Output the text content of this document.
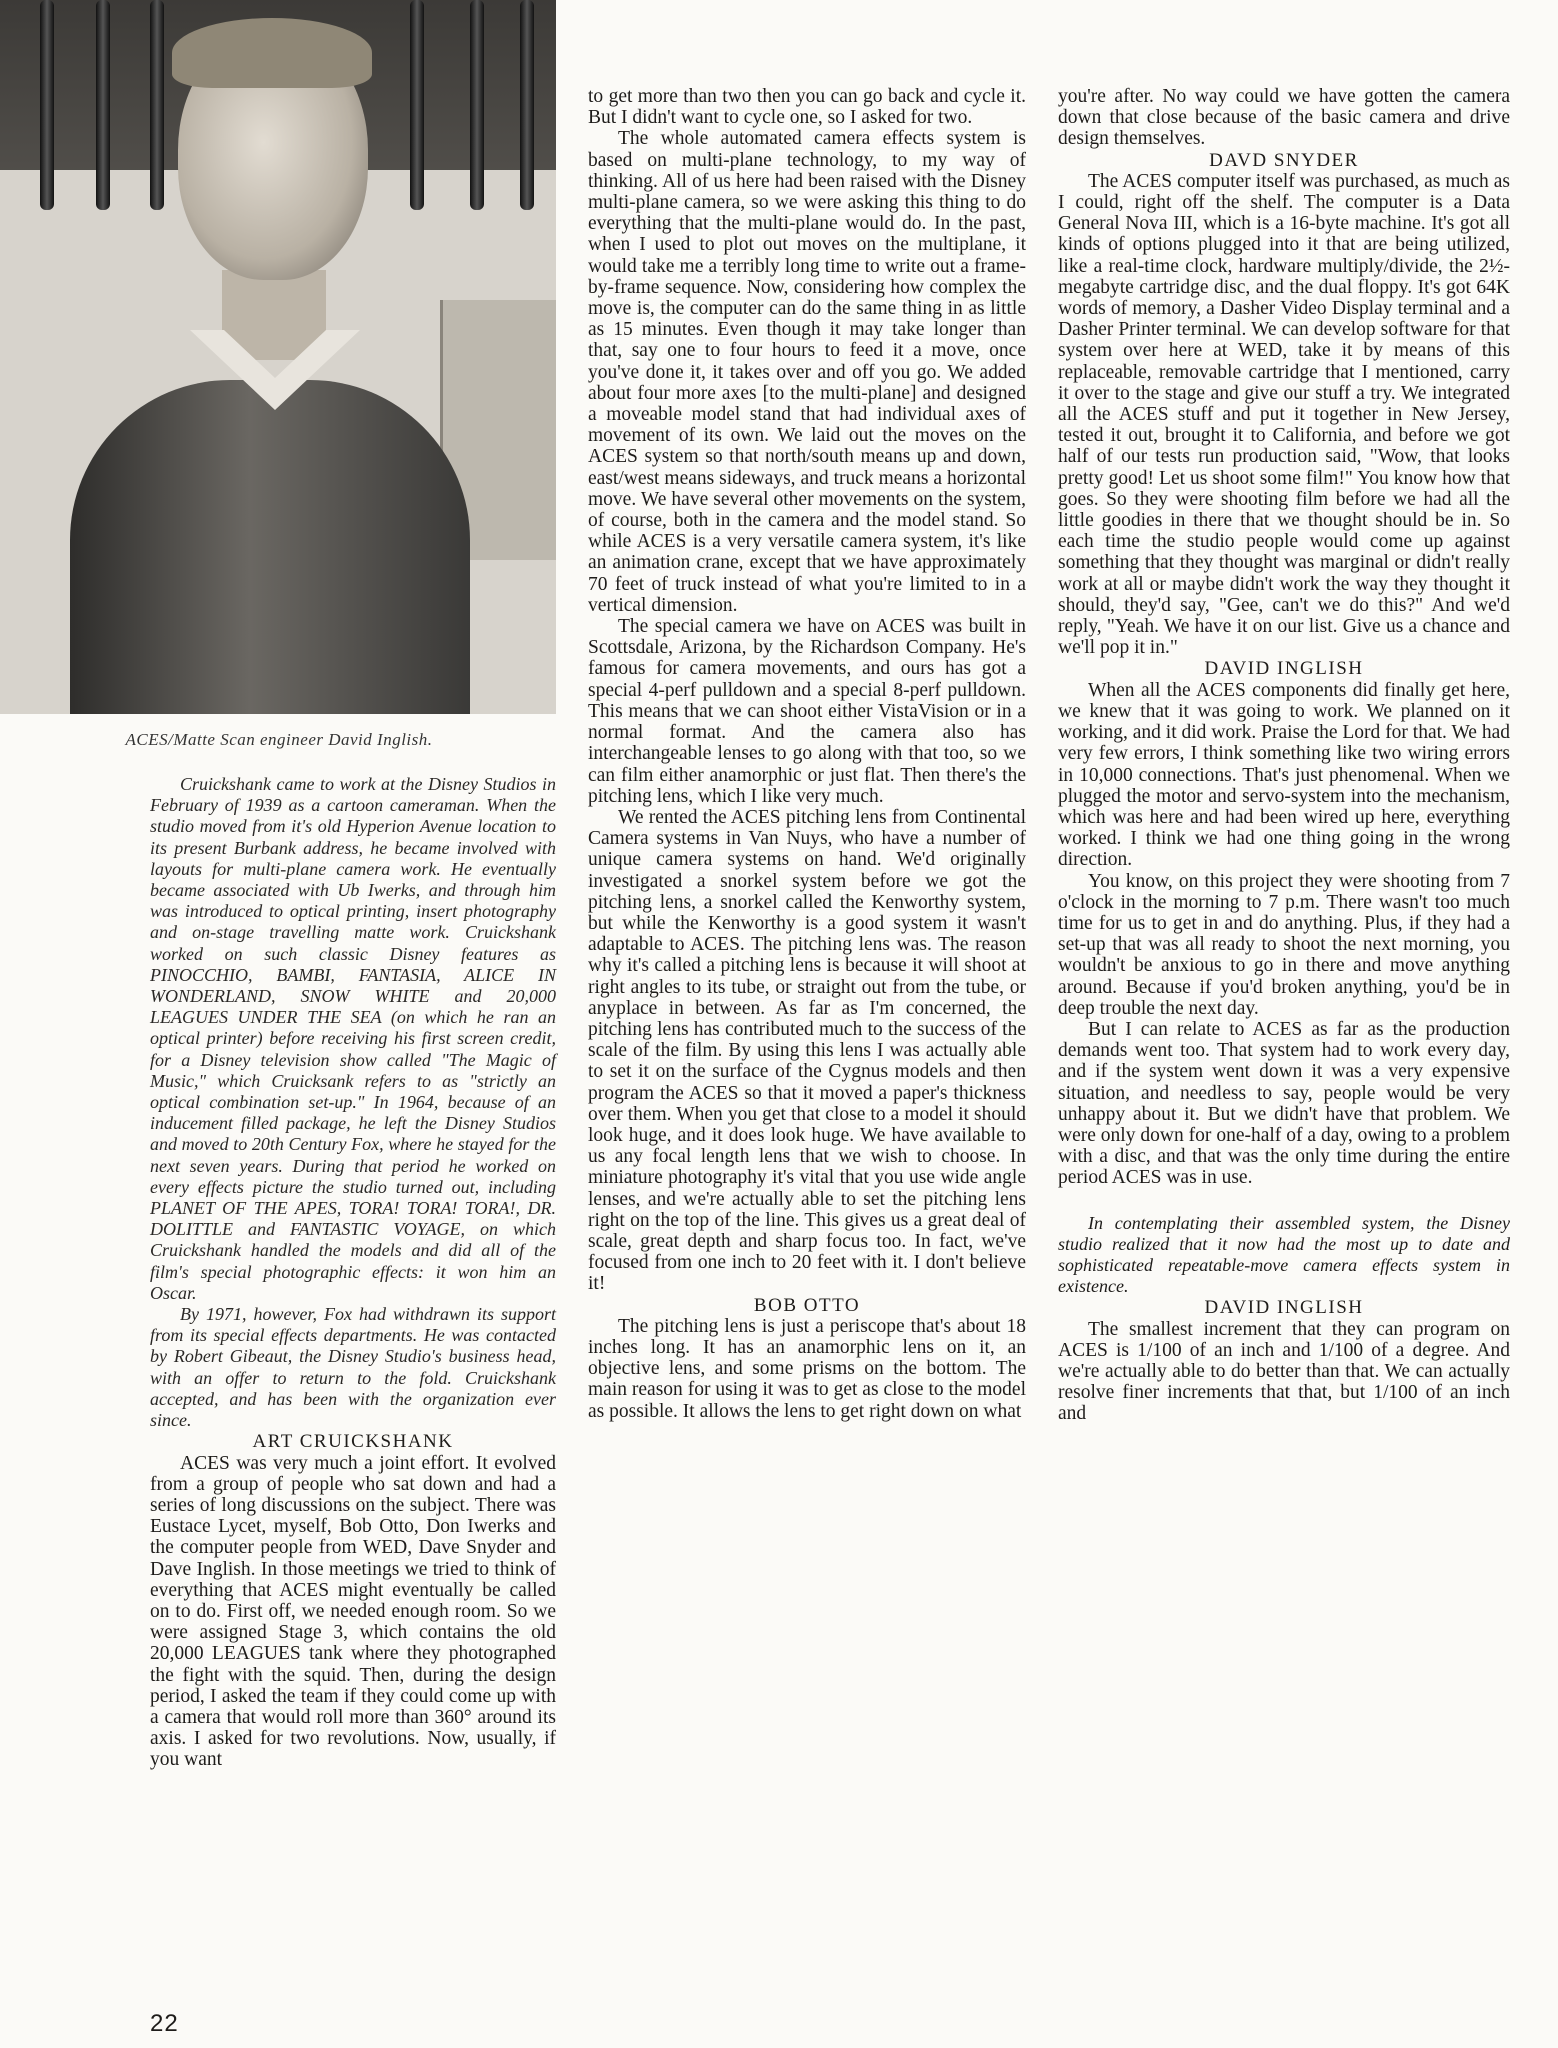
ACES/Matte Scan engineer David Inglish.

Cruickshank came to work at the Disney Studios in February of 1939 as a cartoon cameraman. When the studio moved from it's old Hyperion Avenue location to its present Burbank address, he became involved with layouts for multi-plane camera work. He eventually became associated with Ub Iwerks, and through him was introduced to optical printing, insert photography and on-stage travelling matte work. Cruickshank worked on such classic Disney features as PINOCCHIO, BAMBI, FANTASIA, ALICE IN WONDERLAND, SNOW WHITE and 20,000 LEAGUES UNDER THE SEA (on which he ran an optical printer) before receiving his first screen credit, for a Disney television show called "The Magic of Music," which Cruicksank refers to as "strictly an optical combination set-up." In 1964, because of an inducement filled package, he left the Disney Studios and moved to 20th Century Fox, where he stayed for the next seven years. During that period he worked on every effects picture the studio turned out, including PLANET OF THE APES, TORA! TORA! TORA!, DR. DOLITTLE and FANTASTIC VOYAGE, on which Cruickshank handled the models and did all of the film's special photographic effects: it won him an Oscar.

By 1971, however, Fox had withdrawn its support from its special effects departments. He was contacted by Robert Gibeaut, the Disney Studio's business head, with an offer to return to the fold. Cruickshank accepted, and has been with the organization ever since.

ART CRUICKSHANK

ACES was very much a joint effort. It evolved from a group of people who sat down and had a series of long discussions on the subject. There was Eustace Lycet, myself, Bob Otto, Don Iwerks and the computer people from WED, Dave Snyder and Dave Inglish. In those meetings we tried to think of everything that ACES might eventually be called on to do. First off, we needed enough room. So we were assigned Stage 3, which contains the old 20,000 LEAGUES tank where they photographed the fight with the squid. Then, during the design period, I asked the team if they could come up with a camera that would roll more than 360° around its axis. I asked for two revolutions. Now, usually, if you want

to get more than two then you can go back and cycle it. But I didn't want to cycle one, so I asked for two.

The whole automated camera effects system is based on multi-plane technology, to my way of thinking. All of us here had been raised with the Disney multi-plane camera, so we were asking this thing to do everything that the multi-plane would do. In the past, when I used to plot out moves on the multiplane, it would take me a terribly long time to write out a frame-by-frame sequence. Now, considering how complex the move is, the computer can do the same thing in as little as 15 minutes. Even though it may take longer than that, say one to four hours to feed it a move, once you've done it, it takes over and off you go. We added about four more axes [to the multi-plane] and designed a moveable model stand that had individual axes of movement of its own. We laid out the moves on the ACES system so that north/south means up and down, east/west means sideways, and truck means a horizontal move. We have several other movements on the system, of course, both in the camera and the model stand. So while ACES is a very versatile camera system, it's like an animation crane, except that we have approximately 70 feet of truck instead of what you're limited to in a vertical dimension.

The special camera we have on ACES was built in Scottsdale, Arizona, by the Richardson Company. He's famous for camera movements, and ours has got a special 4-perf pulldown and a special 8-perf pulldown. This means that we can shoot either VistaVision or in a normal format. And the camera also has interchangeable lenses to go along with that too, so we can film either anamorphic or just flat. Then there's the pitching lens, which I like very much.

We rented the ACES pitching lens from Continental Camera systems in Van Nuys, who have a number of unique camera systems on hand. We'd originally investigated a snorkel system before we got the pitching lens, a snorkel called the Kenworthy system, but while the Kenworthy is a good system it wasn't adaptable to ACES. The pitching lens was. The reason why it's called a pitching lens is because it will shoot at right angles to its tube, or straight out from the tube, or anyplace in between. As far as I'm concerned, the pitching lens has contributed much to the success of the scale of the film. By using this lens I was actually able to set it on the surface of the Cygnus models and then program the ACES so that it moved a paper's thickness over them. When you get that close to a model it should look huge, and it does look huge. We have available to us any focal length lens that we wish to choose. In miniature photography it's vital that you use wide angle lenses, and we're actually able to set the pitching lens right on the top of the line. This gives us a great deal of scale, great depth and sharp focus too. In fact, we've focused from one inch to 20 feet with it. I don't believe it!

BOB OTTO

The pitching lens is just a periscope that's about 18 inches long. It has an anamorphic lens on it, an objective lens, and some prisms on the bottom. The main reason for using it was to get as close to the model as possible. It allows the lens to get right down on what

you're after. No way could we have gotten the camera down that close because of the basic camera and drive design themselves.

DAVD SNYDER

The ACES computer itself was purchased, as much as I could, right off the shelf. The computer is a Data General Nova III, which is a 16-byte machine. It's got all kinds of options plugged into it that are being utilized, like a real-time clock, hardware multiply/divide, the 2½-megabyte cartridge disc, and the dual floppy. It's got 64K words of memory, a Dasher Video Display terminal and a Dasher Printer terminal. We can develop software for that system over here at WED, take it by means of this replaceable, removable cartridge that I mentioned, carry it over to the stage and give our stuff a try. We integrated all the ACES stuff and put it together in New Jersey, tested it out, brought it to California, and before we got half of our tests run production said, "Wow, that looks pretty good! Let us shoot some film!" You know how that goes. So they were shooting film before we had all the little goodies in there that we thought should be in. So each time the studio people would come up against something that they thought was marginal or didn't really work at all or maybe didn't work the way they thought it should, they'd say, "Gee, can't we do this?" And we'd reply, "Yeah. We have it on our list. Give us a chance and we'll pop it in."

DAVID INGLISH

When all the ACES components did finally get here, we knew that it was going to work. We planned on it working, and it did work. Praise the Lord for that. We had very few errors, I think something like two wiring errors in 10,000 connections. That's just phenomenal. When we plugged the motor and servo-system into the mechanism, which was here and had been wired up here, everything worked. I think we had one thing going in the wrong direction.

You know, on this project they were shooting from 7 o'clock in the morning to 7 p.m. There wasn't too much time for us to get in and do anything. Plus, if they had a set-up that was all ready to shoot the next morning, you wouldn't be anxious to go in there and move anything around. Because if you'd broken anything, you'd be in deep trouble the next day.

But I can relate to ACES as far as the production demands went too. That system had to work every day, and if the system went down it was a very expensive situation, and needless to say, people would be very unhappy about it. But we didn't have that problem. We were only down for one-half of a day, owing to a problem with a disc, and that was the only time during the entire period ACES was in use.

In contemplating their assembled system, the Disney studio realized that it now had the most up to date and sophisticated repeatable-move camera effects system in existence.

DAVID INGLISH

The smallest increment that they can program on ACES is 1/100 of an inch and 1/100 of a degree. And we're actually able to do better than that. We can actually resolve finer increments that that, but 1/100 of an inch and

22
